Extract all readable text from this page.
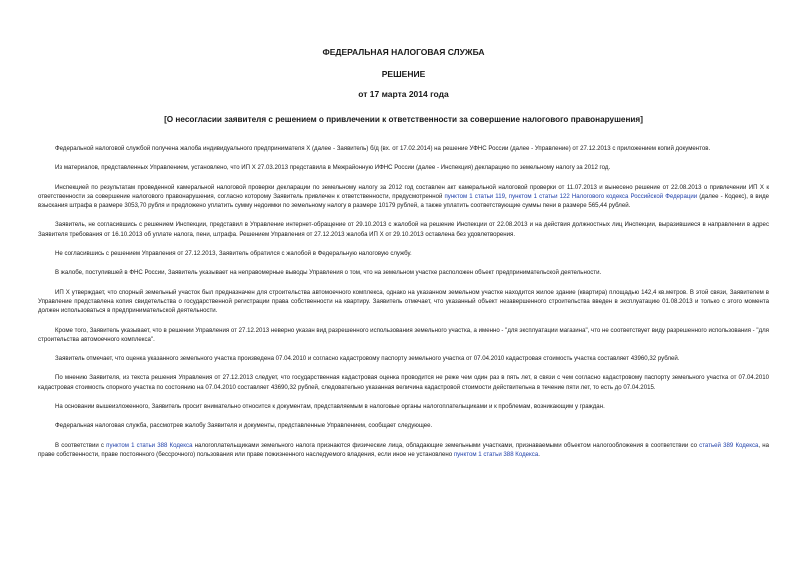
ФЕДЕРАЛЬНАЯ НАЛОГОВАЯ СЛУЖБА
РЕШЕНИЕ
от 17 марта 2014 года
[О несогласии заявителя с решением о привлечении к ответственности за совершение налогового правонарушения]

Федеральной налоговой службой получена жалоба индивидуального предпринимателя Х (далее - Заявитель) б/д (вх. от 17.02.2014) на решение УФНС России (далее - Управление) от 27.12.2013 с приложением копий документов.

Из материалов, представленных Управлением, установлено, что ИП Х 27.03.2013 представила в Межрайонную ИФНС России (далее - Инспекция) декларацию по земельному налогу за 2012 год.

Инспекцией по результатам проведенной камеральной налоговой проверки декларации по земельному налогу за 2012 год составлен акт камеральной налоговой проверки от 11.07.2013 и вынесено решение от 22.08.2013 о привлечении ИП Х к ответственности за совершение налогового правонарушения, согласно которому Заявитель привлечен к ответственности, предусмотренной пунктом 1 статьи 119, пунктом 1 статьи 122 Налогового кодекса Российской Федерации (далее - Кодекс), в виде взыскания штрафа в размере 3053,70 рубля и предложено уплатить сумму недоимки по земельному налогу в размере 10179 рублей, а также уплатить соответствующие суммы пени в размере 565,44 рублей.

Заявитель, не согласившись с решением Инспекции, представил в Управление интернет-обращение от 29.10.2013 с жалобой на решение Инспекции от 22.08.2013 и на действия должностных лиц Инспекции, выразившиеся в направлении в адрес Заявителя требования от 16.10.2013 об уплате налога, пени, штрафа. Решением Управления от 27.12.2013 жалоба ИП Х от 29.10.2013 оставлена без удовлетворения.

Не согласившись с решением Управления от 27.12.2013, Заявитель обратился с жалобой в Федеральную налоговую службу.

В жалобе, поступившей в ФНС России, Заявитель указывает на неправомерные выводы Управления о том, что на земельном участке расположен объект предпринимательской деятельности.

ИП Х утверждает, что спорный земельный участок был предназначен для строительства автомоечного комплекса, однако на указанном земельном участке находится жилое здание (квартира) площадью 142,4 кв.метров. В этой связи, Заявителем в Управление представлена копия свидетельства о государственной регистрации права собственности на квартиру. Заявитель отмечает, что указанный объект незавершенного строительства введен в эксплуатацию 01.08.2013 и только с этого момента должен использоваться в предпринимательской деятельности.

Кроме того, Заявитель указывает, что в решении Управления от 27.12.2013 неверно указан вид разрешенного использования земельного участка, а именно - "для эксплуатации магазина", что не соответствует виду разрешенного использования - "для строительства автомоечного комплекса".

Заявитель отмечает, что оценка указанного земельного участка произведена 07.04.2010 и согласно кадастровому паспорту земельного участка от 07.04.2010 кадастровая стоимость участка составляет 43960,32 рублей.

По мнению Заявителя, из текста решения Управления от 27.12.2013 следует, что государственная кадастровая оценка проводится не реже чем один раз в пять лет, в связи с чем согласно кадастровому паспорту земельного участка от 07.04.2010 кадастровая стоимость спорного участка по состоянию на 07.04.2010 составляет 43690,32 рублей, следовательно указанная величина кадастровой стоимости действительна в течение пяти лет, то есть до 07.04.2015.

На основании вышеизложенного, Заявитель просит внимательно относится к документам, представляемым в налоговые органы налогоплательщиками и к проблемам, возникающим у граждан.

Федеральная налоговая служба, рассмотрев жалобу Заявителя и документы, представленные Управлением, сообщает следующее.

В соответствии с пунктом 1 статьи 388 Кодекса налогоплательщиками земельного налога признаются физические лица, обладающие земельными участками, признаваемыми объектом налогообложения в соответствии со статьей 389 Кодекса, на праве собственности, праве постоянного (бессрочного) пользования или праве пожизненного наследуемого владения, если иное не установлено пунктом 1 статьи 388 Кодекса.
